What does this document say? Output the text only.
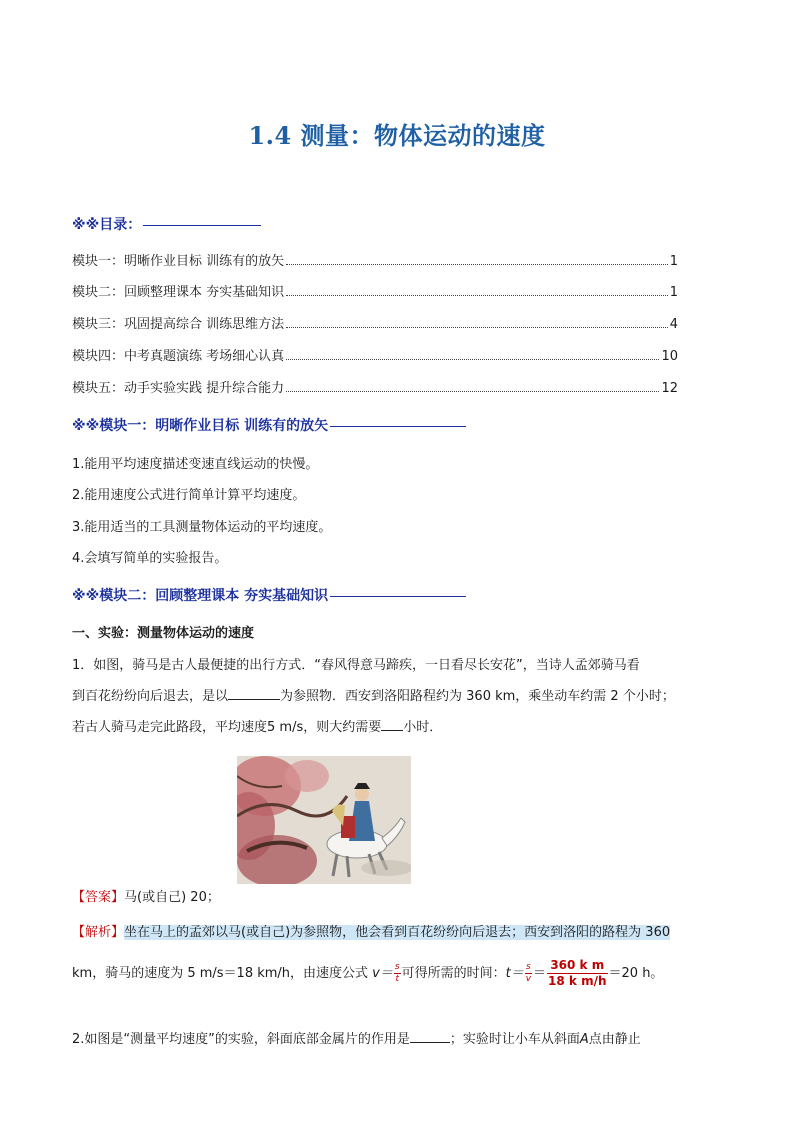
1.4 测量：物体运动的速度
※※目录：
模块一：明晰作业目标 训练有的放矢	1
模块二：回顾整理课本 夯实基础知识	1
模块三：巩固提高综合 训练思维方法	4
模块四：中考真题演练 考场细心认真	10
模块五：动手实验实践 提升综合能力	12
※※模块一：明晰作业目标 训练有的放矢
1.能用平均速度描述变速直线运动的快慢。
2.能用速度公式进行简单计算平均速度。
3.能用适当的工具测量物体运动的平均速度。
4.会填写简单的实验报告。
※※模块二：回顾整理课本 夯实基础知识
一、实验：测量物体运动的速度
1．如图，骑马是古人最便捷的出行方式．“春风得意马蹄疾，一日看尽长安花”，当诗人孟郊骑马看
到百花纷纷向后退去，是以	为参照物．西安到洛阳路程约为 360 km，乘坐动车约需 2 个小时；
若古人骑马走完此路段，平均速度5 m/s，则大约需要 小时．
【答案】马(或自己) 20；
【解析】坐在马上的孟郊以马(或自己)为参照物，他会看到百花纷纷向后退去；西安到洛阳的路程为 360
km，骑马的速度为 5 m/s＝18 km/h，由速度公式 $v= \frac{s}{t}$ 可得所需的时间：$t= \frac{s}{v} = \frac{\text{360 k m}}{\text{18 k m/h}} =20$ h。
2.如图是“测量平均速度”的实验，斜面底部金属片的作用是	；实验时让小车从斜面A点由静止
